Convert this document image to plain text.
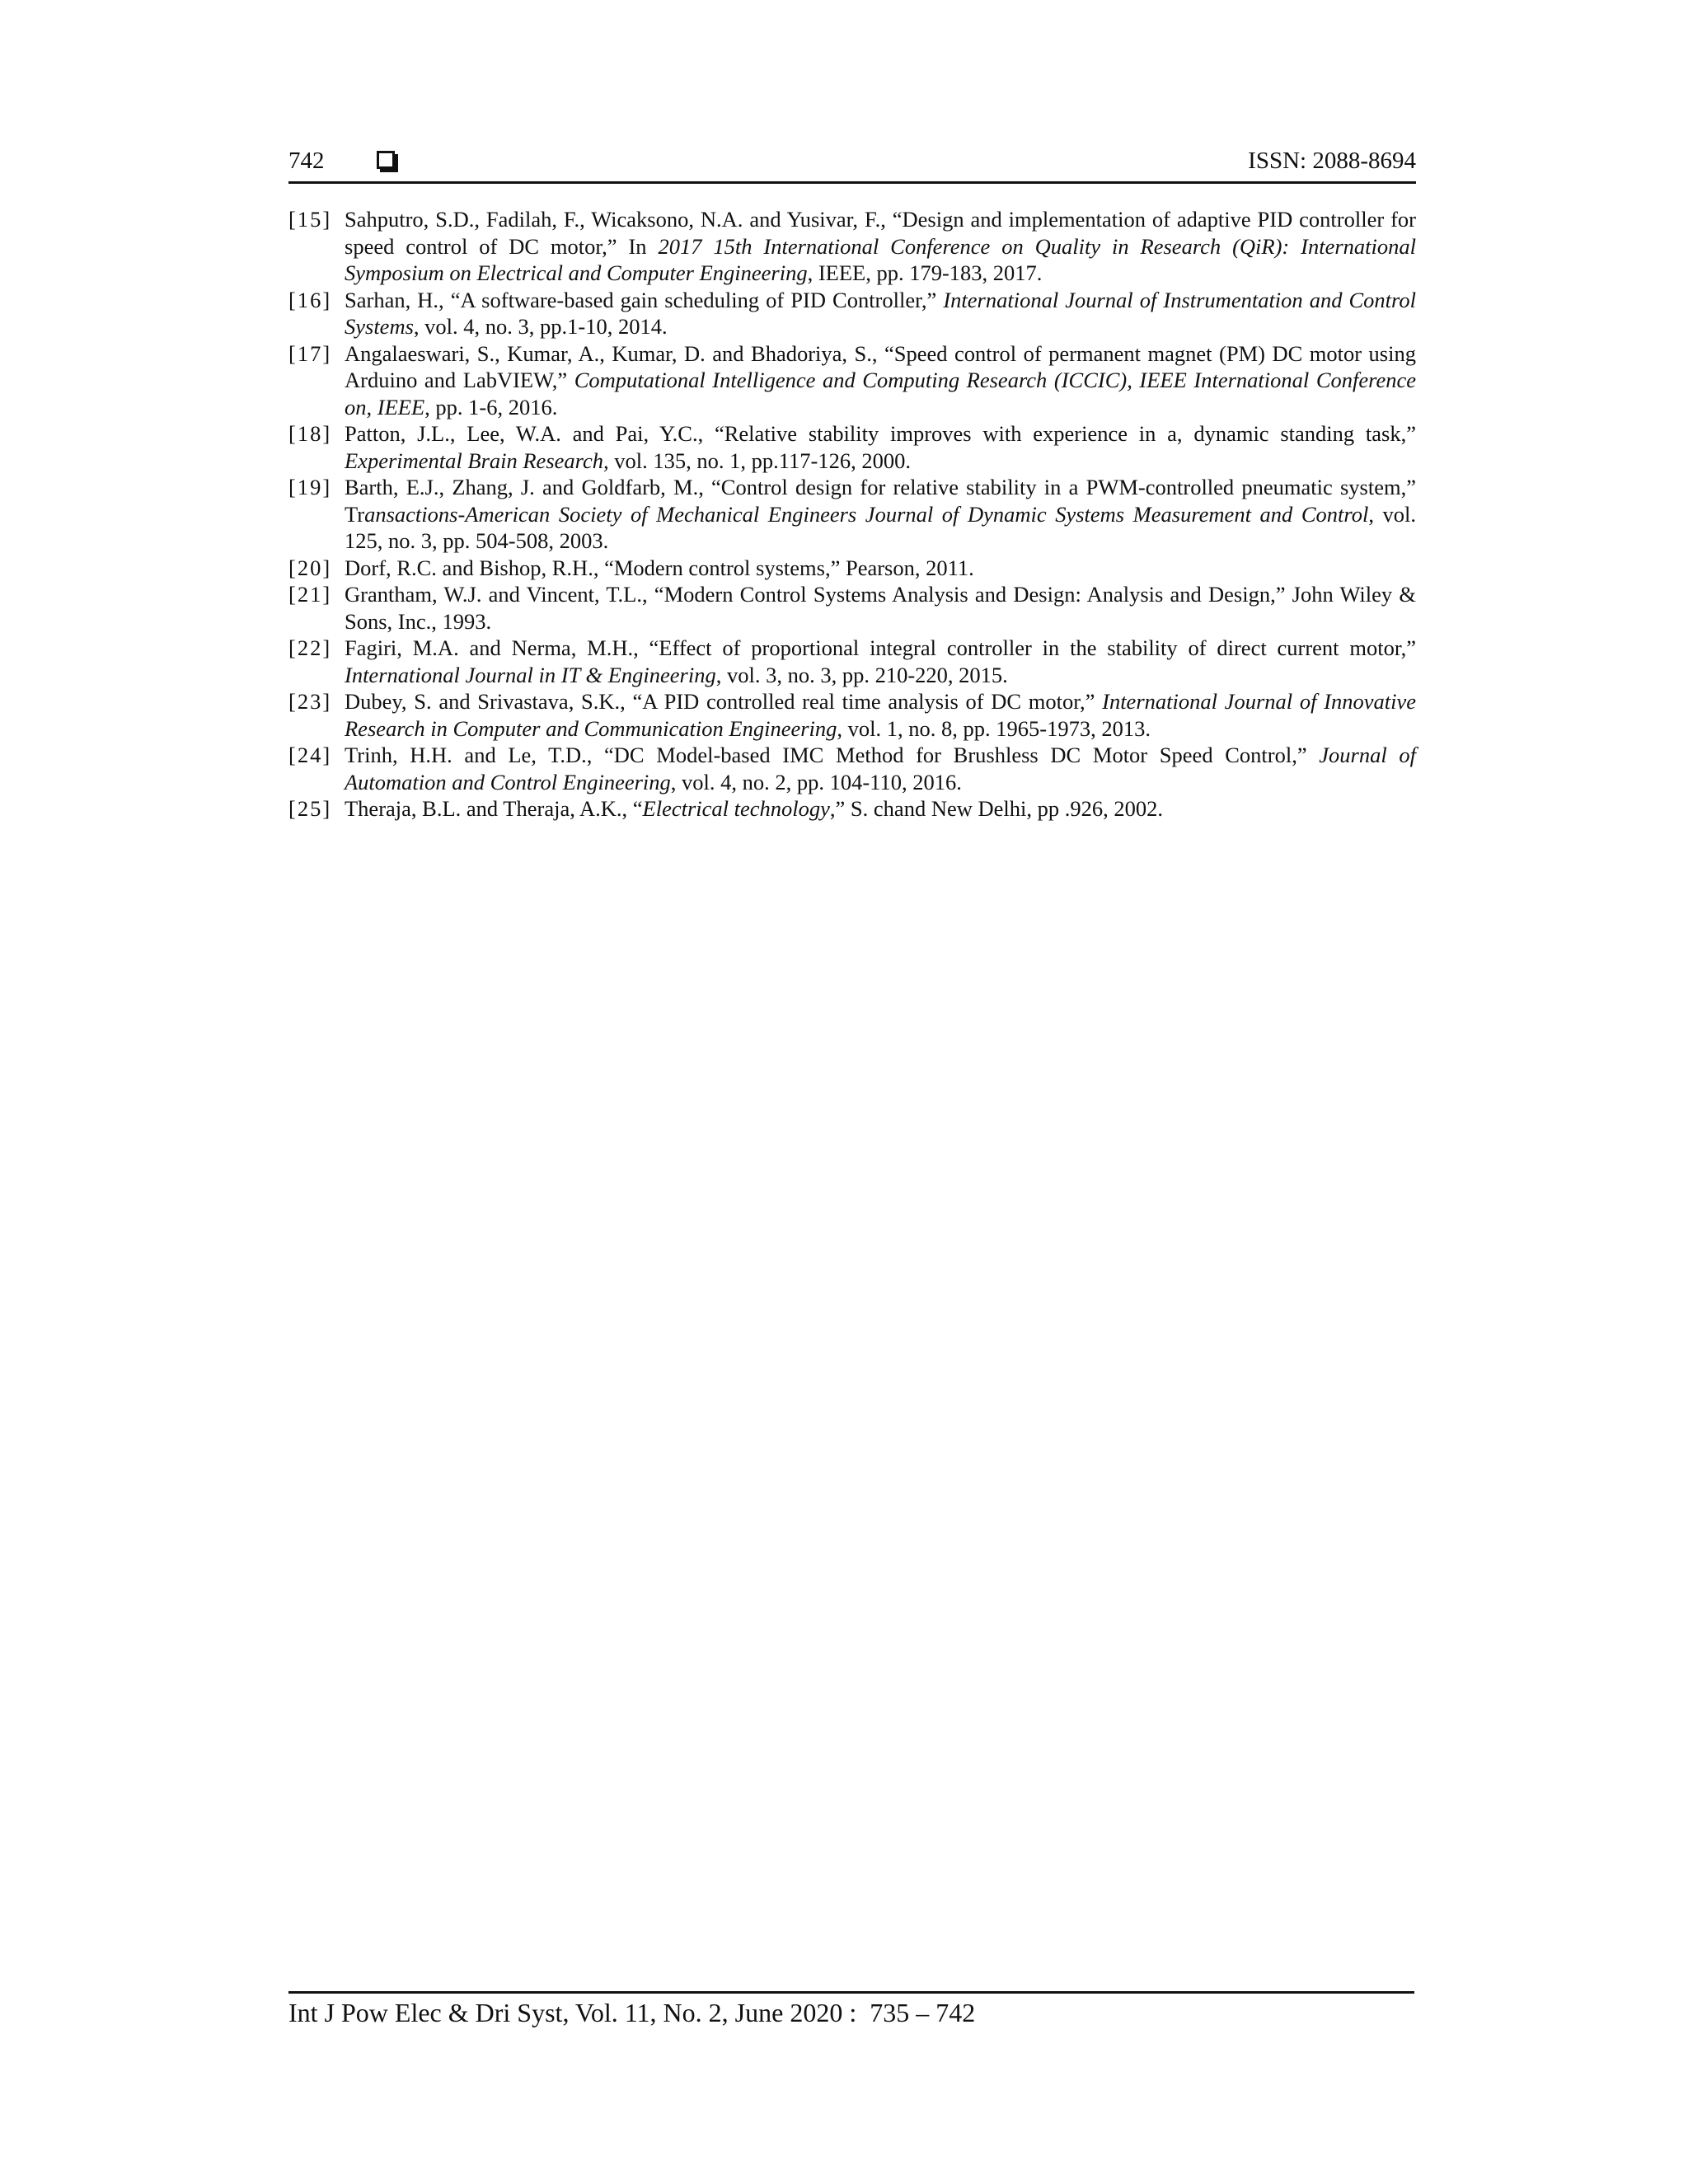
742	ISSN: 2088-8694
[15] Sahputro, S.D., Fadilah, F., Wicaksono, N.A. and Yusivar, F., “Design and implementation of adaptive PID controller for speed control of DC motor,” In 2017 15th International Conference on Quality in Research (QiR): International Symposium on Electrical and Computer Engineering, IEEE, pp. 179-183, 2017.
[16] Sarhan, H., “A software-based gain scheduling of PID Controller,” International Journal of Instrumentation and Control Systems, vol. 4, no. 3, pp.1-10, 2014.
[17] Angalaeswari, S., Kumar, A., Kumar, D. and Bhadoriya, S., “Speed control of permanent magnet (PM) DC motor using Arduino and LabVIEW,” Computational Intelligence and Computing Research (ICCIC), IEEE International Conference on, IEEE, pp. 1-6, 2016.
[18] Patton, J.L., Lee, W.A. and Pai, Y.C., “Relative stability improves with experience in a, dynamic standing task,” Experimental Brain Research, vol. 135, no. 1, pp.117-126, 2000.
[19] Barth, E.J., Zhang, J. and Goldfarb, M., “Control design for relative stability in a PWM-controlled pneumatic system,” Transactions-American Society of Mechanical Engineers Journal of Dynamic Systems Measurement and Control, vol. 125, no. 3, pp. 504-508, 2003.
[20] Dorf, R.C. and Bishop, R.H., “Modern control systems,” Pearson, 2011.
[21] Grantham, W.J. and Vincent, T.L., “Modern Control Systems Analysis and Design: Analysis and Design,” John Wiley & Sons, Inc., 1993.
[22] Fagiri, M.A. and Nerma, M.H., “Effect of proportional integral controller in the stability of direct current motor,” International Journal in IT & Engineering, vol. 3, no. 3, pp. 210-220, 2015.
[23] Dubey, S. and Srivastava, S.K., “A PID controlled real time analysis of DC motor,” International Journal of Innovative Research in Computer and Communication Engineering, vol. 1, no. 8, pp. 1965-1973, 2013.
[24] Trinh, H.H. and Le, T.D., “DC Model-based IMC Method for Brushless DC Motor Speed Control,” Journal of Automation and Control Engineering, vol. 4, no. 2, pp. 104-110, 2016.
[25] Theraja, B.L. and Theraja, A.K., “Electrical technology,” S. chand New Delhi, pp .926, 2002.
Int J Pow Elec & Dri Syst, Vol. 11, No. 2, June 2020 :  735 – 742
